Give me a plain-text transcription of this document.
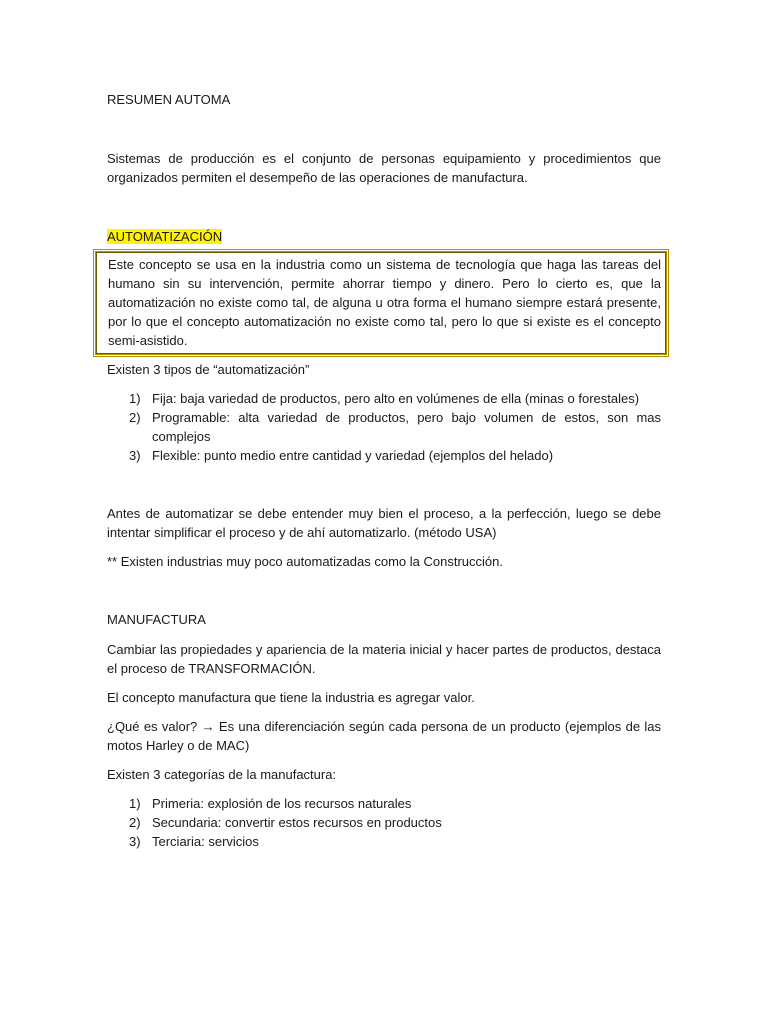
RESUMEN AUTOMA

Sistemas de producción es el conjunto de personas equipamiento y procedimientos que organizados permiten el desempeño de las operaciones de manufactura.

AUTOMATIZACIÓN

Este concepto se usa en la industria como un sistema de tecnología que haga las tareas del humano sin su intervención, permite ahorrar tiempo y dinero. Pero lo cierto es, que la automatización no existe como tal, de alguna u otra forma el humano siempre estará presente, por lo que el concepto automatización no existe como tal, pero lo que si existe es el concepto semi-asistido.

Existen 3 tipos de “automatización”

1) Fija: baja variedad de productos, pero alto en volúmenes de ella (minas o forestales)
2) Programable: alta variedad de productos, pero bajo volumen de estos, son mas complejos
3) Flexible: punto medio entre cantidad y variedad (ejemplos del helado)

Antes de automatizar se debe entender muy bien el proceso, a la perfección, luego se debe intentar simplificar el proceso y de ahí automatizarlo. (método USA)

** Existen industrias muy poco automatizadas como la Construcción.

MANUFACTURA

Cambiar las propiedades y apariencia de la materia inicial y hacer partes de productos, destaca el proceso de TRANSFORMACIÓN.

El concepto manufactura que tiene la industria es agregar valor.

¿Qué es valor? → Es una diferenciación según cada persona de un producto (ejemplos de las motos Harley o de MAC)

Existen 3 categorías de la manufactura:

1) Primeria: explosión de los recursos naturales
2) Secundaria: convertir estos recursos en productos
3) Terciaria: servicios
